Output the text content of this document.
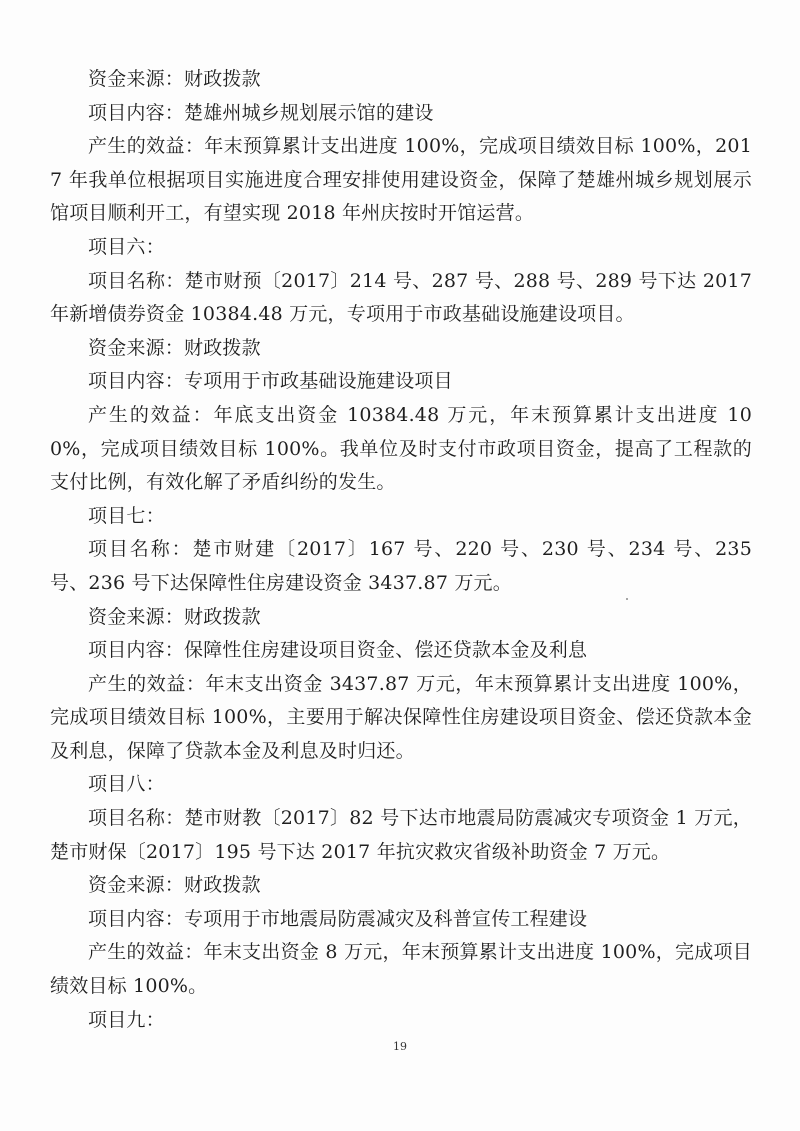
资金来源：财政拨款

项目内容：楚雄州城乡规划展示馆的建设

产生的效益：年末预算累计支出进度 100%，完成项目绩效目标 100%，2017 年我单位根据项目实施进度合理安排使用建设资金，保障了楚雄州城乡规划展示馆项目顺利开工，有望实现 2018 年州庆按时开馆运营。

项目六：

项目名称：楚市财预〔2017〕214 号、287 号、288 号、289 号下达 2017 年新增债券资金 10384.48 万元，专项用于市政基础设施建设项目。

资金来源：财政拨款

项目内容：专项用于市政基础设施建设项目

产生的效益：年底支出资金 10384.48 万元，年末预算累计支出进度 100%，完成项目绩效目标 100%。我单位及时支付市政项目资金，提高了工程款的支付比例，有效化解了矛盾纠纷的发生。

项目七：

项目名称：楚市财建〔2017〕167 号、220 号、230 号、234 号、235 号、236 号下达保障性住房建设资金 3437.87 万元。

资金来源：财政拨款

项目内容：保障性住房建设项目资金、偿还贷款本金及利息

产生的效益：年末支出资金 3437.87 万元，年末预算累计支出进度 100%，完成项目绩效目标 100%，主要用于解决保障性住房建设项目资金、偿还贷款本金及利息，保障了贷款本金及利息及时归还。

项目八：

项目名称：楚市财教〔2017〕82 号下达市地震局防震减灾专项资金 1 万元，楚市财保〔2017〕195 号下达 2017 年抗灾救灾省级补助资金 7 万元。

资金来源：财政拨款

项目内容：专项用于市地震局防震减灾及科普宣传工程建设

产生的效益：年末支出资金 8 万元，年末预算累计支出进度 100%，完成项目绩效目标 100%。

项目九：

19
